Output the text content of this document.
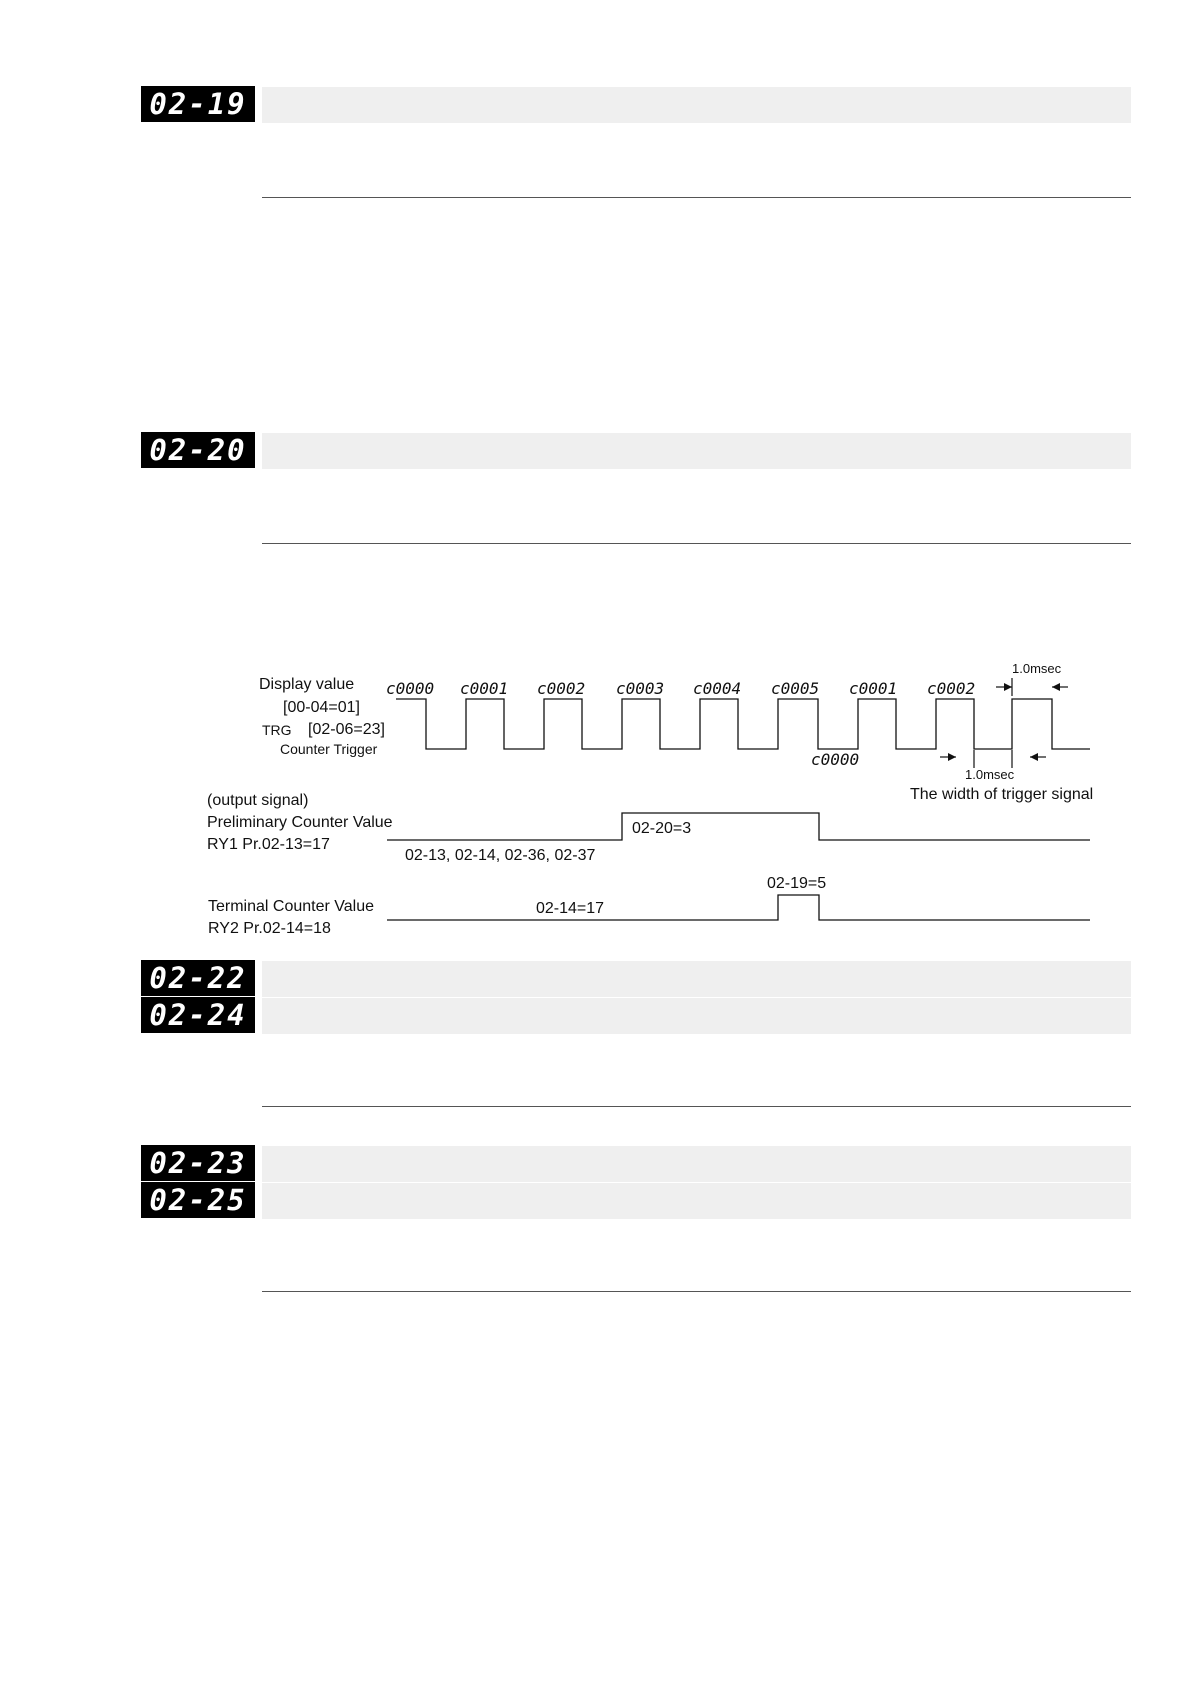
02-19
02-20
Display value
[00-04=01]
TRG [02-06=23]
Counter Trigger
c0000 c0001 c0002 c0003 c0004 c0005 c0001 c0002
c0000
1.0msec
1.0msec
The width of trigger signal
(output signal)
Preliminary Counter Value
RY1 Pr.02-13=17
02-20=3
02-13, 02-14, 02-36, 02-37
02-19=5
Terminal Counter Value
RY2 Pr.02-14=18
02-14=17
02-22
02-24
02-23
02-25
